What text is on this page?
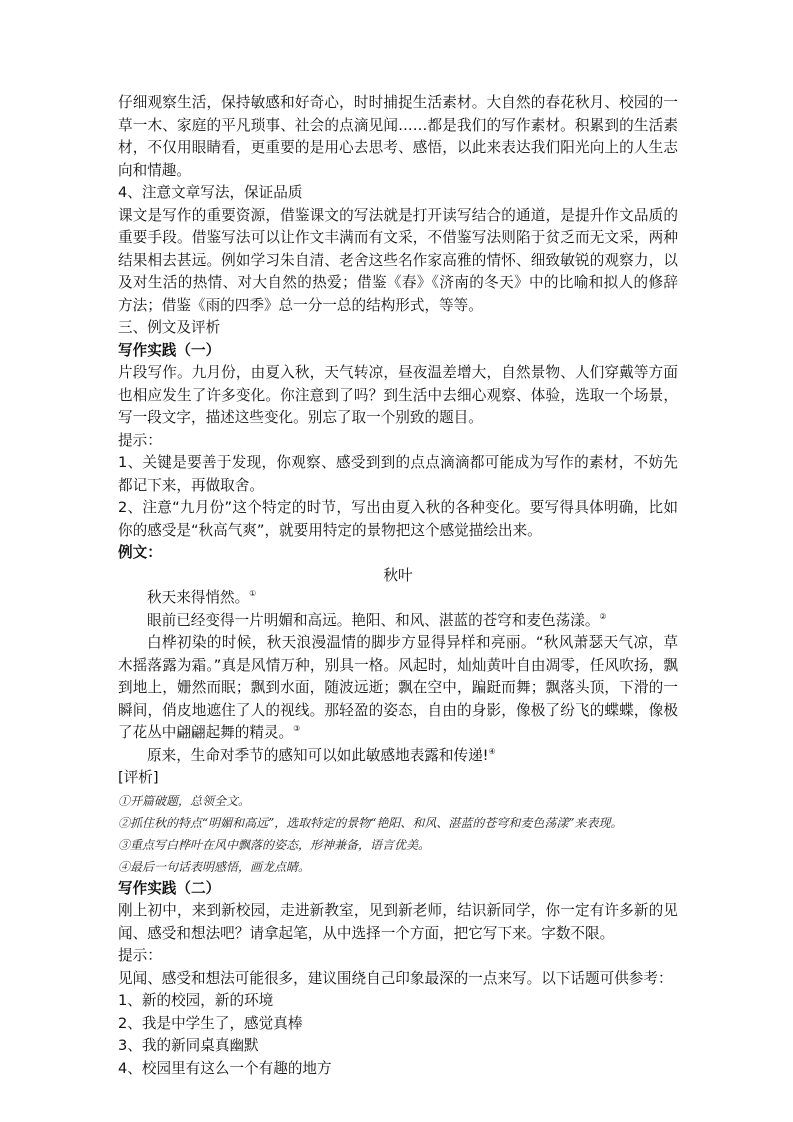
仔细观察生活，保持敏感和好奇心，时时捕捉生活素材。大自然的春花秋月、校园的一草一木、家庭的平凡琐事、社会的点滴见闻……都是我们的写作素材。积累到的生活素材，不仅用眼睛看，更重要的是用心去思考、感悟，以此来表达我们阳光向上的人生志向和情趣。

4、注意文章写法，保证品质

课文是写作的重要资源，借鉴课文的写法就是打开读写结合的通道，是提升作文品质的重要手段。借鉴写法可以让作文丰满而有文采，不借鉴写法则陷于贫乏而无文采，两种结果相去甚远。例如学习朱自清、老舍这些名作家高雅的情怀、细致敏锐的观察力，以及对生活的热情、对大自然的热爱；借鉴《春》《济南的冬天》中的比喻和拟人的修辞方法；借鉴《雨的四季》总一分一总的结构形式，等等。

三、例文及评析

写作实践（一）

片段写作。九月份，由夏入秋，天气转凉，昼夜温差增大，自然景物、人们穿戴等方面也相应发生了许多变化。你注意到了吗？到生活中去细心观察、体验，选取一个场景，写一段文字，描述这些变化。别忘了取一个别致的题目。

提示：

1、关键是要善于发现，你观察、感受到到的点点滴滴都可能成为写作的素材，不妨先都记下来，再做取舍。

2、注意“九月份”这个特定的时节，写出由夏入秋的各种变化。要写得具体明确，比如你的感受是“秋高气爽”，就要用特定的景物把这个感觉描绘出来。

例文：

秋叶

秋天来得悄然。①

眼前已经变得一片明媚和高远。艳阳、和风、湛蓝的苍穹和麦色荡漾。②

白桦初染的时候，秋天浪漫温情的脚步方显得异样和亮丽。“秋风萧瑟天气凉，草木摇落露为霜。”真是风情万种，别具一格。风起时，灿灿黄叶自由凋零，任风吹扬，飘到地上，姗然而眠；飘到水面，随波远逝；飘在空中，蹁跹而舞；飘落头顶，下滑的一瞬间，俏皮地遮住了人的视线。那轻盈的姿态，自由的身影，像极了纷飞的蝶蝶，像极了花丛中翩翩起舞的精灵。③

原来，生命对季节的感知可以如此敏感地表露和传递!④

[评析]

①开篇破题，总领全文。

②抓住秋的特点“明媚和高远”，选取特定的景物“艳阳、和风、湛蓝的苍穹和麦色荡漾”来表现。

③重点写白桦叶在风中飘落的姿态，形神兼备，语言优美。

④最后一句话表明感悟，画龙点睛。

写作实践（二）

刚上初中，来到新校园，走进新教室，见到新老师，结识新同学，你一定有许多新的见闻、感受和想法吧？请拿起笔，从中选择一个方面，把它写下来。字数不限。

提示：

见闻、感受和想法可能很多，建议围绕自己印象最深的一点来写。以下话题可供参考：

1、新的校园，新的环境

2、我是中学生了，感觉真棒

3、我的新同桌真幽默

4、校园里有这么一个有趣的地方
